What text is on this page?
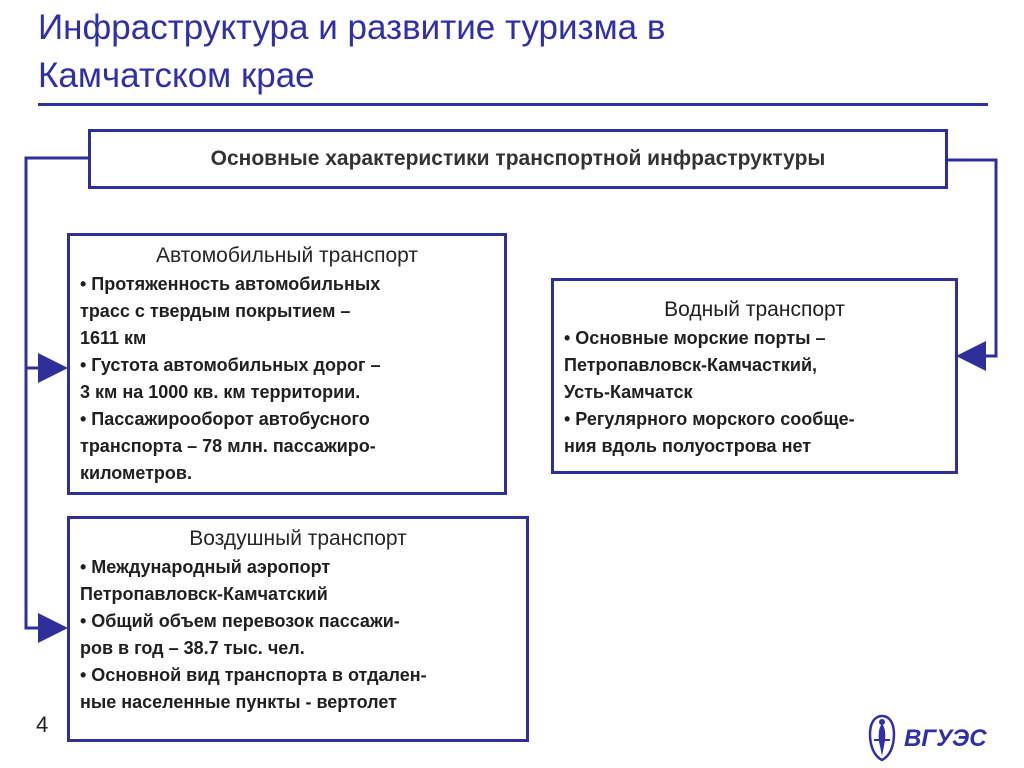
Инфраструктура и развитие туризма в
Камчатском крае
Основные характеристики транспортной инфраструктуры
Автомобильный транспорт
• Протяженность автомобильных
трасс с твердым покрытием –
1611 км
• Густота автомобильных дорог –
3 км на 1000 кв. км территории.
• Пассажирооборот автобусного
транспорта – 78 млн. пассажиро-
километров.
Водный транспорт
• Основные морские порты –
Петропавловск-Камчасткий,
Усть-Камчатск
• Регулярного морского сообще-
ния вдоль полуострова нет
Воздушный транспорт
• Международный аэропорт
Петропавловск-Камчатский
• Общий объем перевозок пассажи-
ров в год – 38.7 тыс. чел.
• Основной вид транспорта в отдален-
ные населенные пункты - вертолет
4
ВГУЭС
